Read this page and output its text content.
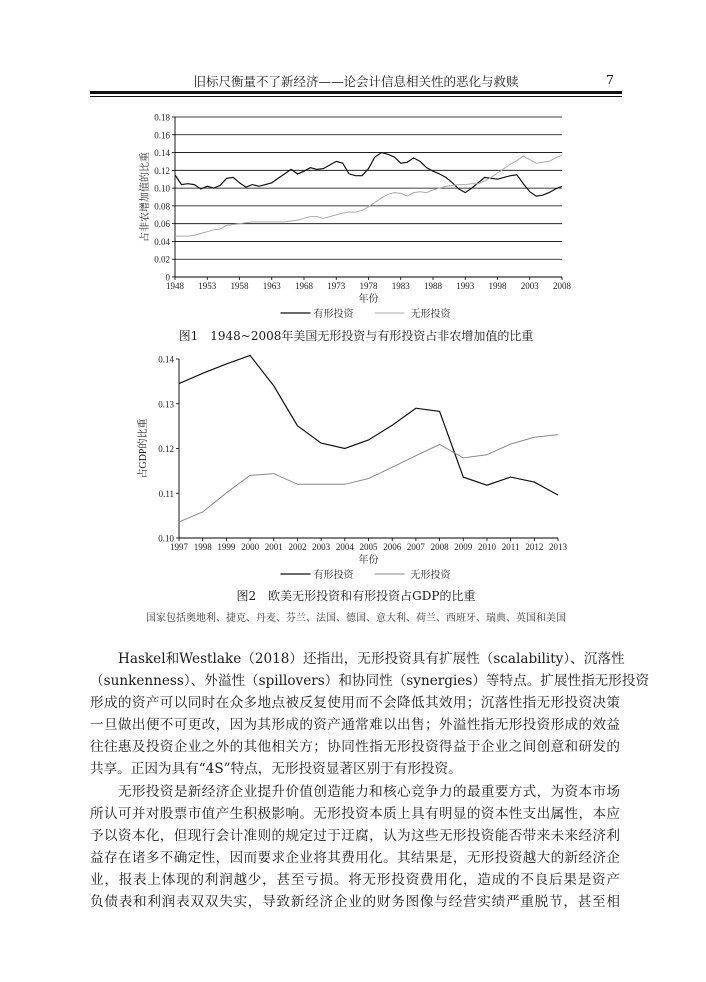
旧标尺衡量不了新经济——论会计信息相关性的恶化与救赎	7
0
0.02
0.04
0.06
0.08
0.10
0.12
0.14
0.16
0.18
1948 1953 1958 1963 1968 1973 1978 1983 1988 1993 1998 2003 2008
年份
占非农增加值的比重
有形投资	无形投资
图1　1948~2008年美国无形投资与有形投资占非农增加值的比重
0.10
0.11
0.12
0.13
0.14
1997 1998 1999 2000 2001 2002 2003 2004 2005 2006 2007 2008 2009 2010 2011 2012 2013
年份
占GDP的比重
有形投资	无形投资
图2　欧美无形投资和有形投资占GDP的比重
国家包括奥地利、捷克、丹麦、芬兰、法国、德国、意大利、荷兰、西班牙、瑞典、英国和美国
Haskel和Westlake（2018）还指出，无形投资具有扩展性（scalability）、沉落性
（sunkenness）、外溢性（spillovers）和协同性（synergies）等特点。扩展性指无形投资
形成的资产可以同时在众多地点被反复使用而不会降低其效用；沉落性指无形投资决策
一旦做出便不可更改，因为其形成的资产通常难以出售；外溢性指无形投资形成的效益
往往惠及投资企业之外的其他相关方；协同性指无形投资得益于企业之间创意和研发的
共享。正因为具有“4S”特点，无形投资显著区别于有形投资。
无形投资是新经济企业提升价值创造能力和核心竞争力的最重要方式，为资本市场
所认可并对股票市值产生积极影响。无形投资本质上具有明显的资本性支出属性，本应
予以资本化，但现行会计准则的规定过于迂腐，认为这些无形投资能否带来未来经济利
益存在诸多不确定性，因而要求企业将其费用化。其结果是，无形投资越大的新经济企
业，报表上体现的利润越少，甚至亏损。将无形投资费用化，造成的不良后果是资产
负债表和利润表双双失实，导致新经济企业的财务图像与经营实绩严重脱节，甚至相
